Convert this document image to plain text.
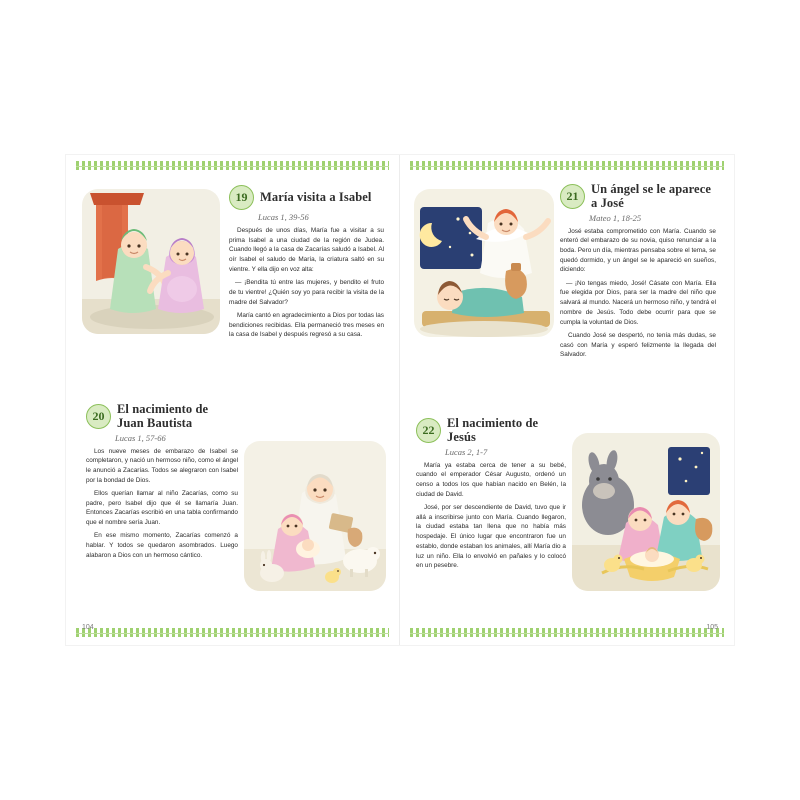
19	María visita a Isabel
Lucas 1, 39-56

Después de unos días, María fue a visitar a su prima Isabel a una ciudad de la región de Judea. Cuando llegó a la casa de Zacarías saludó a Isabel. Al oír Isabel el saludo de María, la criatura saltó en su vientre. Y ella dijo en voz alta:

— ¡Bendita tú entre las mujeres, y bendito el fruto de tu vientre! ¿Quién soy yo para recibir la visita de la madre del Salvador?

María cantó en agradecimiento a Dios por todas las bendiciones recibidas. Ella permaneció tres meses en la casa de Isabel y después regresó a su casa.

20
El nacimiento de Juan Bautista
Lucas 1, 57-66

Los nueve meses de embarazo de Isabel se completaron, y nació un hermoso niño, como el ángel le anunció a Zacarías. Todos se alegraron con Isabel por la bondad de Dios.

Ellos querían llamar al niño Zacarías, como su padre, pero Isabel dijo que él se llamaría Juan. Entonces Zacarías escribió en una tabla confirmando que el nombre sería Juan.

En ese mismo momento, Zacarías comenzó a hablar. Y todos se quedaron asombrados. Luego alabaron a Dios con un hermoso cántico.

104
21
Un ángel se le aparece a José
Mateo 1, 18-25

José estaba comprometido con María. Cuando se enteró del embarazo de su novia, quiso renunciar a la boda. Pero un día, mientras pensaba sobre el tema, se quedó dormido, y un ángel se le apareció en sueños, diciendo:

— ¡No tengas miedo, José! Cásate con María. Ella fue elegida por Dios, para ser la madre del niño que salvará al mundo. Nacerá un hermoso niño, y tendrá el nombre de Jesús. Todo debe ocurrir para que se cumpla la voluntad de Dios.

Cuando José se despertó, no tenía más dudas, se casó con María y esperó felizmente la llegada del Salvador.

22
El nacimiento de Jesús
Lucas 2, 1-7

María ya estaba cerca de tener a su bebé, cuando el emperador César Augusto, ordenó un censo a todos los que habían nacido en Belén, la ciudad de David.

José, por ser descendiente de David, tuvo que ir allá a inscribirse junto con María. Cuando llegaron, la ciudad estaba tan llena que no había más hospedaje. El único lugar que encontraron fue un establo, donde estaban los animales, allí María dio a luz un niño. Ella lo envolvió en pañales y lo colocó en un pesebre.

105
